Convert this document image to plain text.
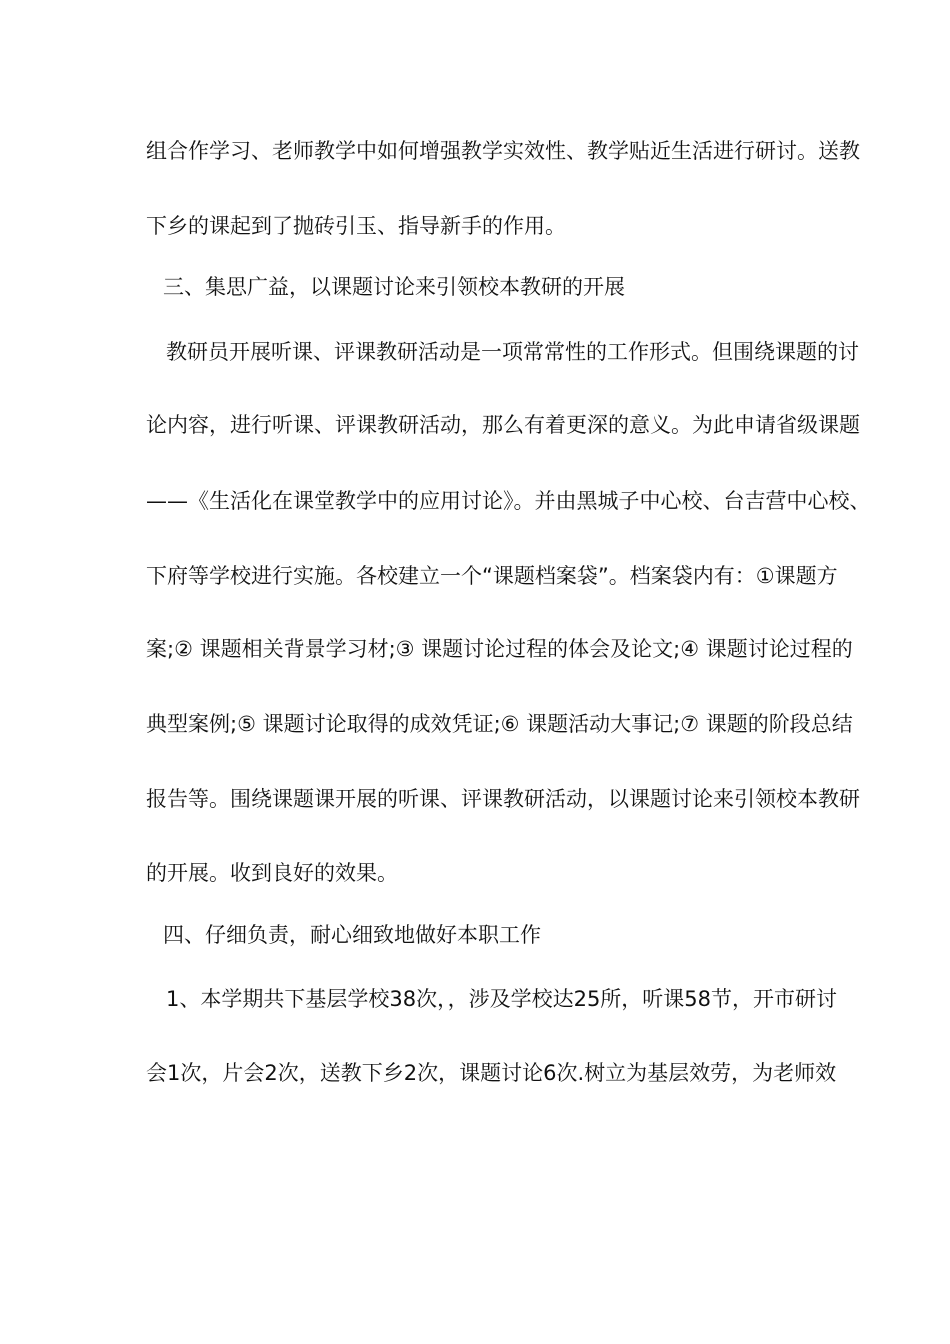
组合作学习、老师教学中如何增强教学实效性、教学贴近生活进行研讨。送教
下乡的课起到了抛砖引玉、指导新手的作用。
三、集思广益，以课题讨论来引领校本教研的开展
教研员开展听课、评课教研活动是一项常常性的工作形式。但围绕课题的讨
论内容，进行听课、评课教研活动，那么有着更深的意义。为此申请省级课题
——《生活化在课堂教学中的应用讨论》。并由黑城子中心校、台吉营中心校、
下府等学校进行实施。各校建立一个“课题档案袋”。档案袋内有：①课题方
案;② 课题相关背景学习材;③ 课题讨论过程的体会及论文;④ 课题讨论过程的
典型案例;⑤ 课题讨论取得的成效凭证;⑥ 课题活动大事记;⑦ 课题的阶段总结
报告等。围绕课题课开展的听课、评课教研活动，以课题讨论来引领校本教研
的开展。收到良好的效果。
四、仔细负责，耐心细致地做好本职工作
1、本学期共下基层学校38次，，涉及学校达25所，听课58节，开市研讨
会1次，片会2次，送教下乡2次，课题讨论6次.树立为基层效劳，为老师效
